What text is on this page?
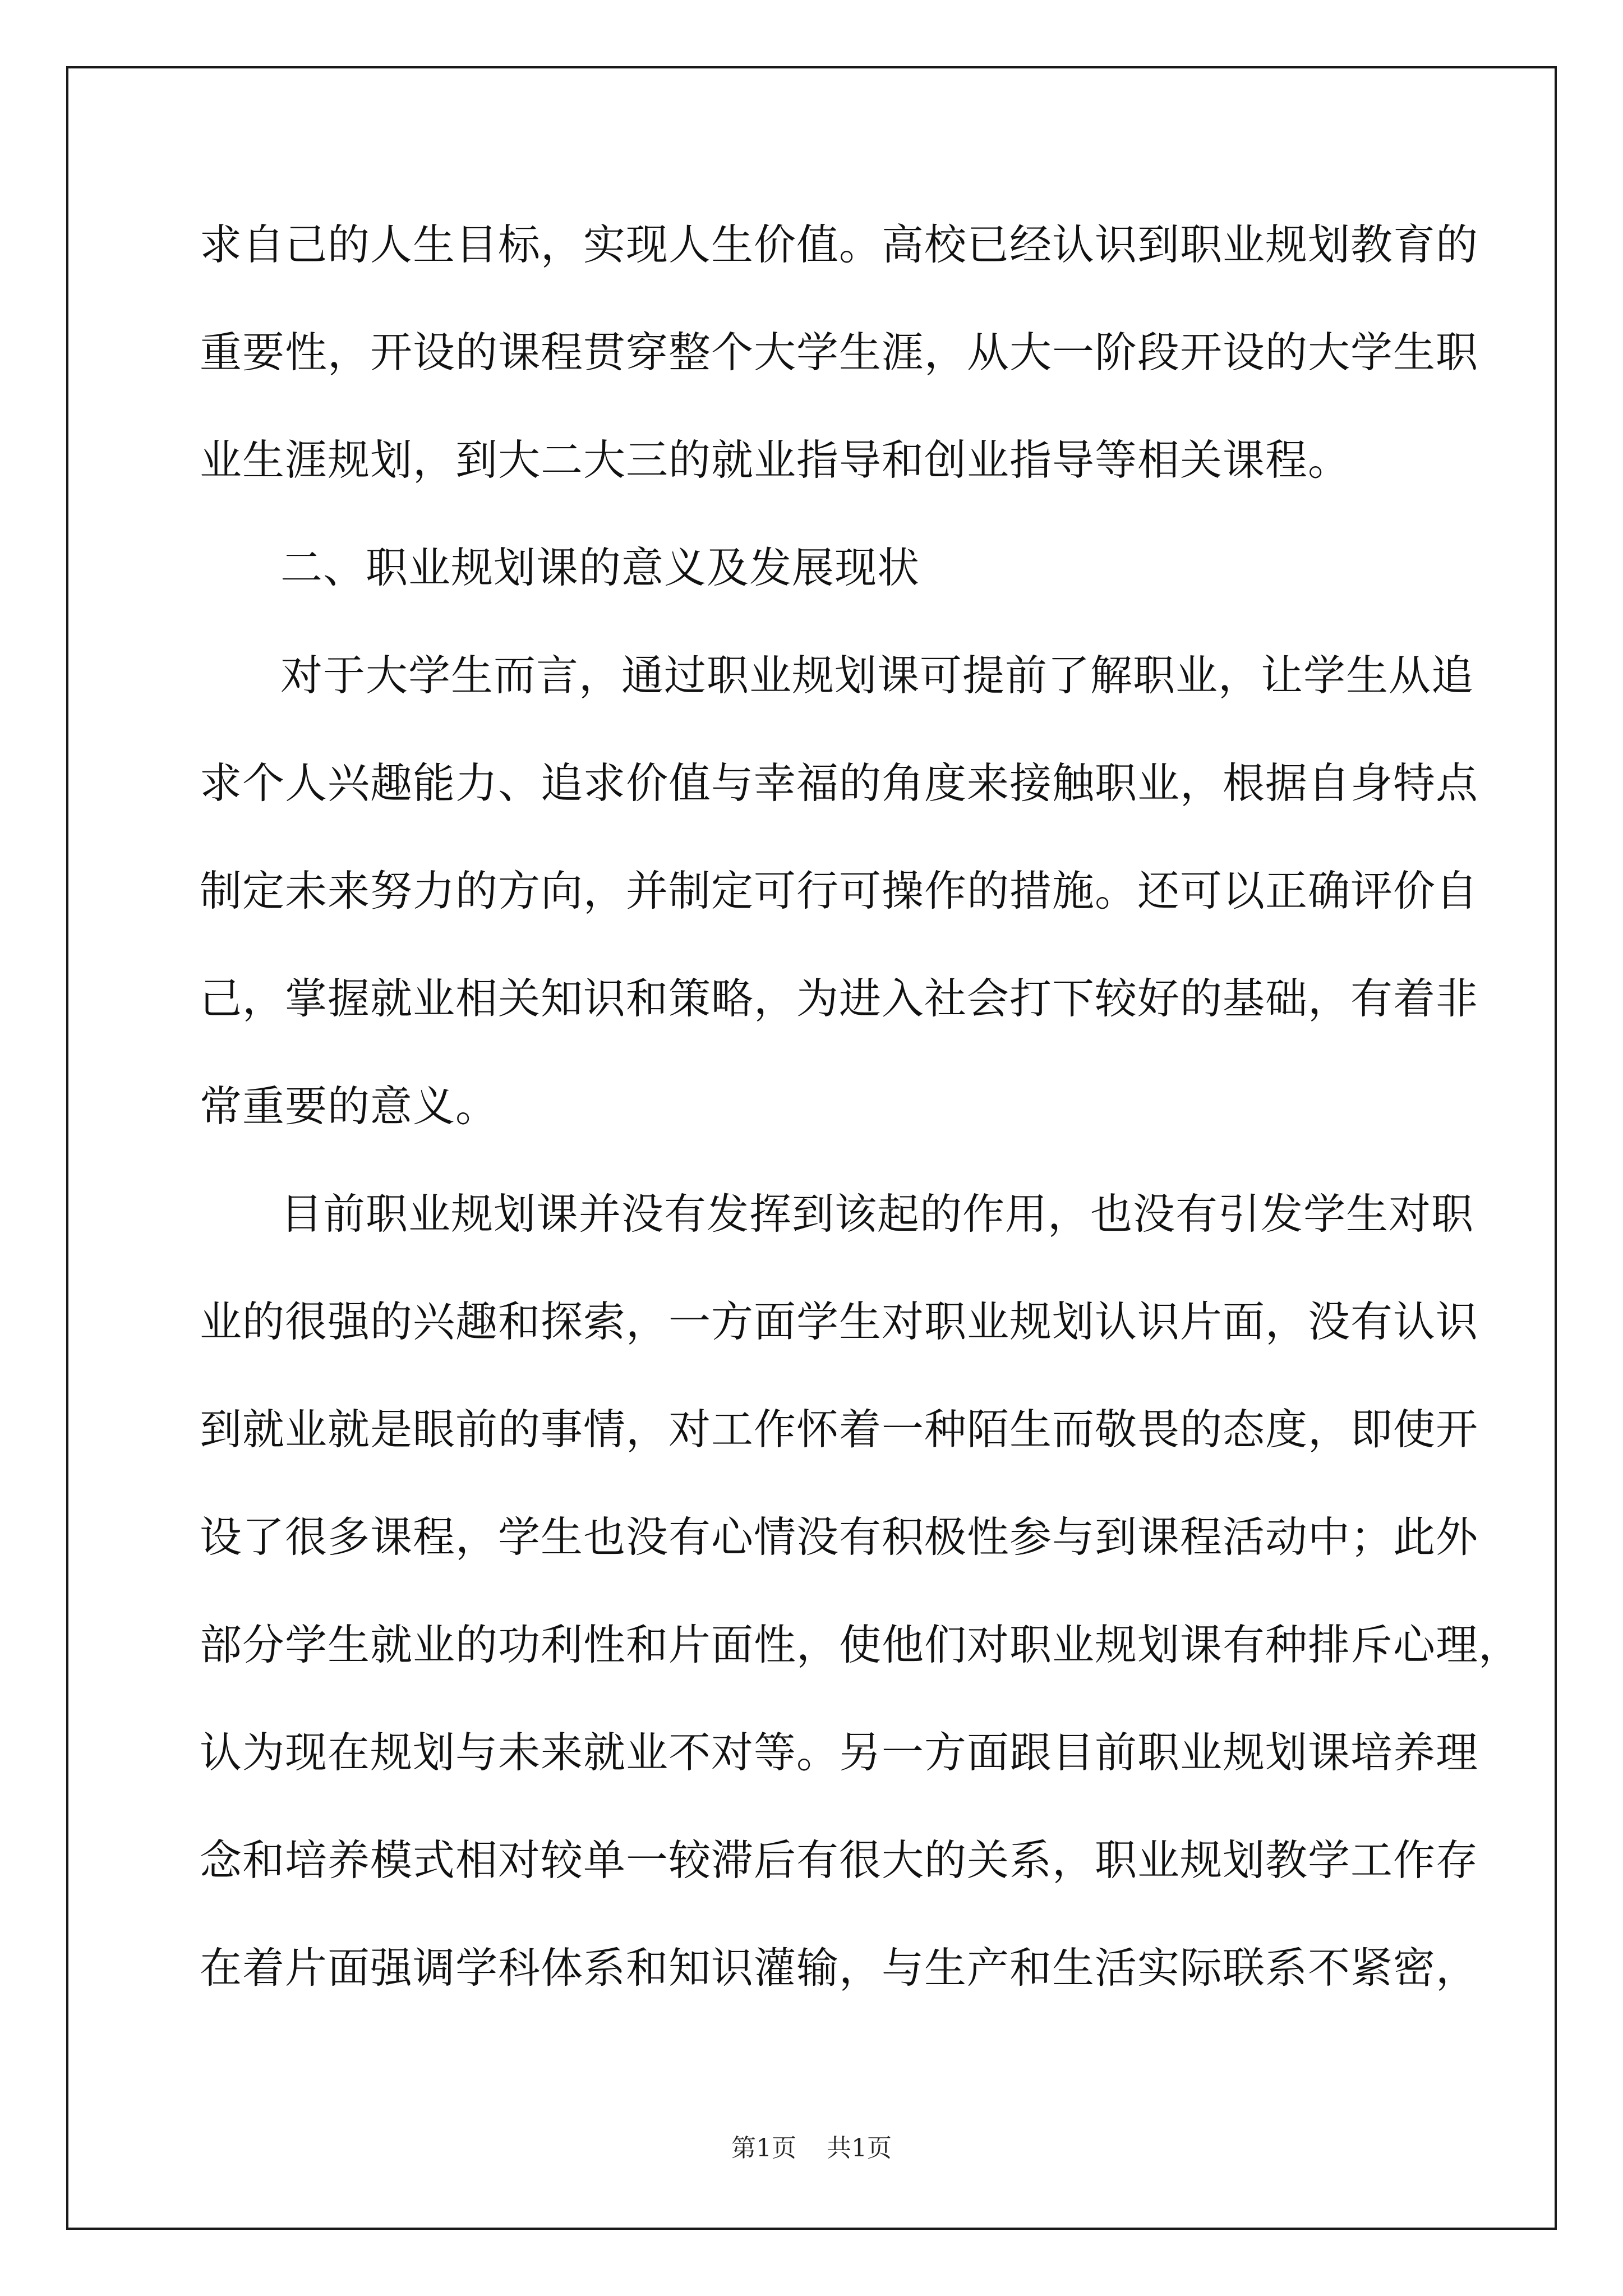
求自己的人生目标，实现人生价值。高校已经认识到职业规划教育的
重要性，开设的课程贯穿整个大学生涯，从大一阶段开设的大学生职
业生涯规划，到大二大三的就业指导和创业指导等相关课程。
二、职业规划课的意义及发展现状
对于大学生而言，通过职业规划课可提前了解职业，让学生从追
求个人兴趣能力、追求价值与幸福的角度来接触职业，根据自身特点
制定未来努力的方向，并制定可行可操作的措施。还可以正确评价自
己，掌握就业相关知识和策略，为进入社会打下较好的基础，有着非
常重要的意义。
目前职业规划课并没有发挥到该起的作用，也没有引发学生对职
业的很强的兴趣和探索，一方面学生对职业规划认识片面，没有认识
到就业就是眼前的事情，对工作怀着一种陌生而敬畏的态度，即使开
设了很多课程，学生也没有心情没有积极性参与到课程活动中；此外
部分学生就业的功利性和片面性，使他们对职业规划课有种排斥心理，
认为现在规划与未来就业不对等。另一方面跟目前职业规划课培养理
念和培养模式相对较单一较滞后有很大的关系，职业规划教学工作存
在着片面强调学科体系和知识灌输，与生产和生活实际联系不紧密，
第1页 共1页
